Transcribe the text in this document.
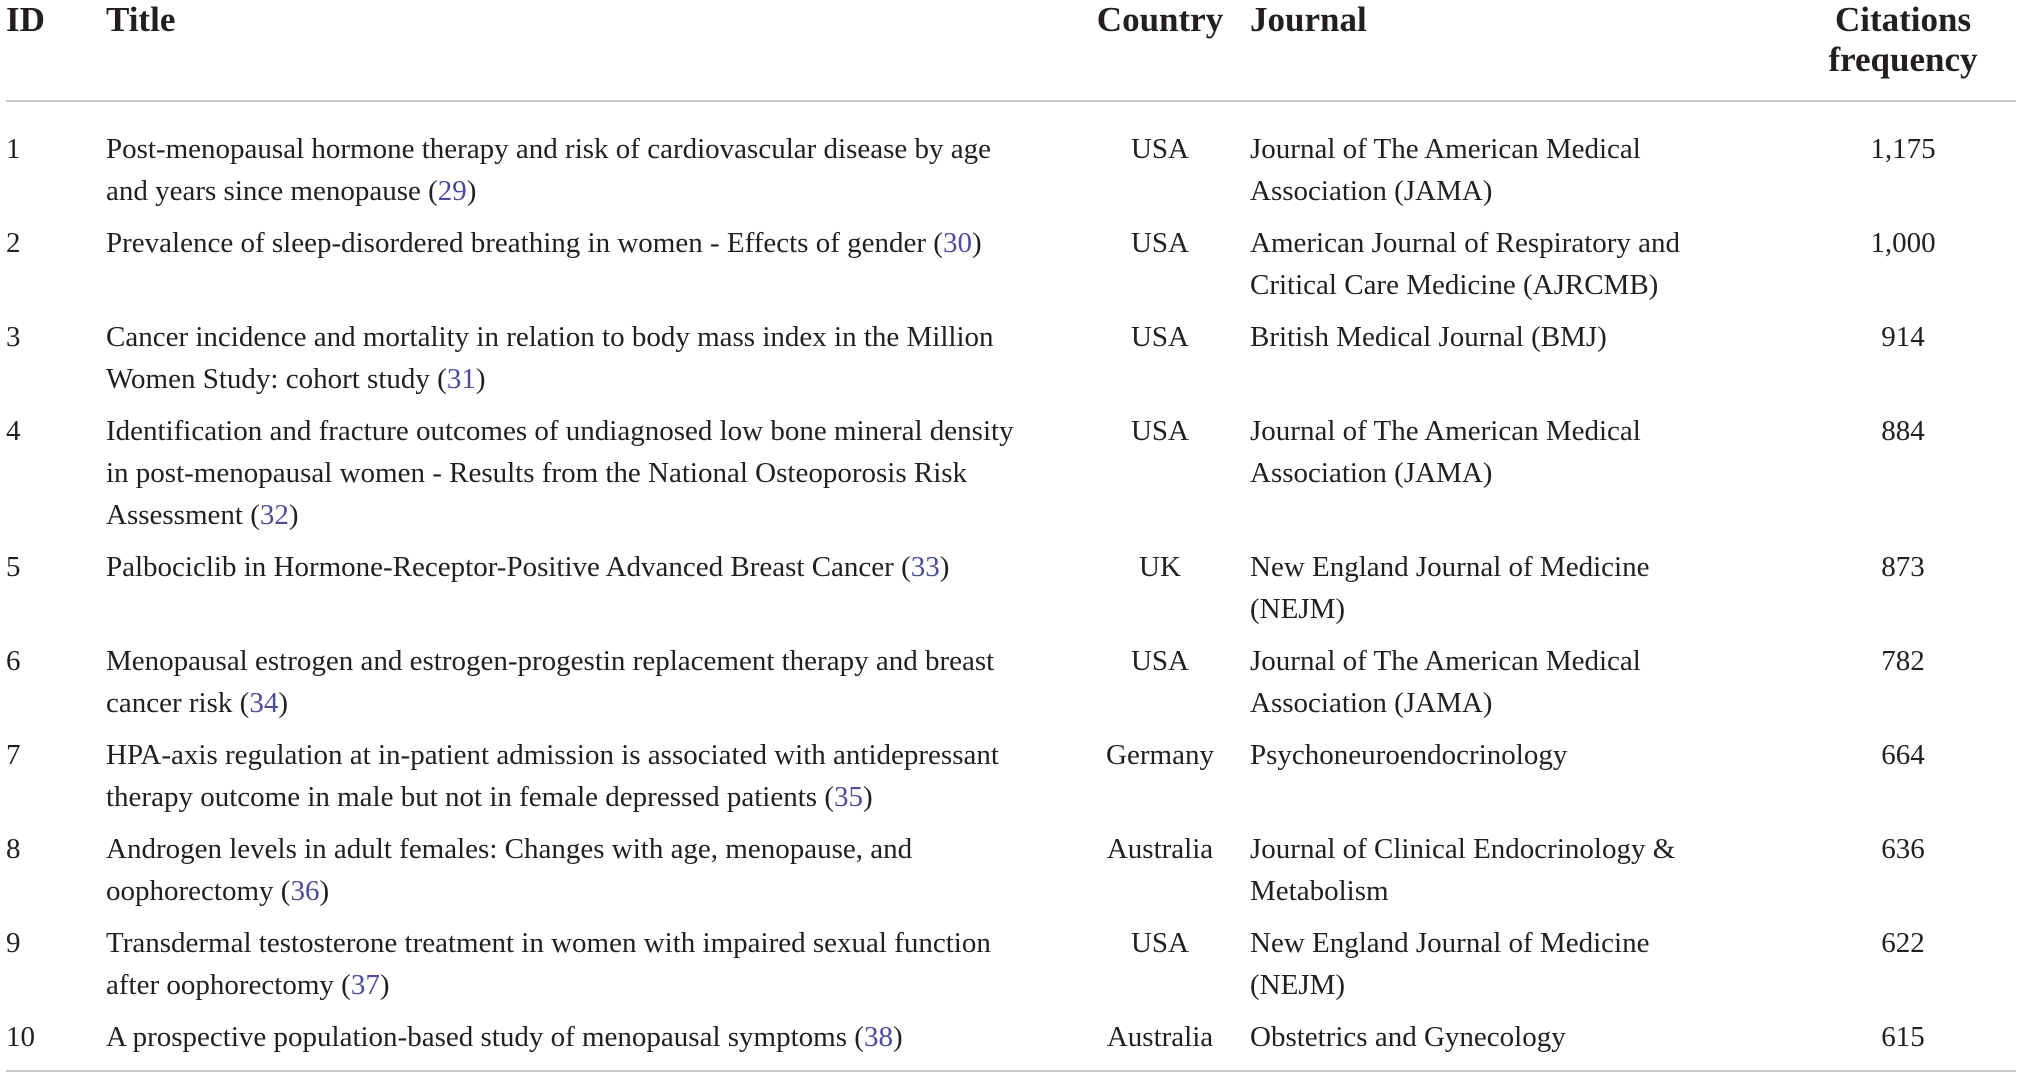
ID	Title	Country	Journal	Citations
frequency
1	Post-menopausal hormone therapy and risk of cardiovascular disease by age and years since menopause (29)	USA	Journal of The American Medical Association (JAMA)	1,175
2	Prevalence of sleep-disordered breathing in women - Effects of gender (30)	USA	American Journal of Respiratory and Critical Care Medicine (AJRCMB)	1,000
3	Cancer incidence and mortality in relation to body mass index in the Million Women Study: cohort study (31)	USA	British Medical Journal (BMJ)	914
4	Identification and fracture outcomes of undiagnosed low bone mineral density in post-menopausal women - Results from the National Osteoporosis Risk Assessment (32)	USA	Journal of The American Medical Association (JAMA)	884
5	Palbociclib in Hormone-Receptor-Positive Advanced Breast Cancer (33)	UK	New England Journal of Medicine (NEJM)	873
6	Menopausal estrogen and estrogen-progestin replacement therapy and breast cancer risk (34)	USA	Journal of The American Medical Association (JAMA)	782
7	HPA-axis regulation at in-patient admission is associated with antidepressant therapy outcome in male but not in female depressed patients (35)	Germany	Psychoneuroendocrinology	664
8	Androgen levels in adult females: Changes with age, menopause, and oophorectomy (36)	Australia	Journal of Clinical Endocrinology & Metabolism	636
9	Transdermal testosterone treatment in women with impaired sexual function after oophorectomy (37)	USA	New England Journal of Medicine (NEJM)	622
10	A prospective population-based study of menopausal symptoms (38)	Australia	Obstetrics and Gynecology	615
